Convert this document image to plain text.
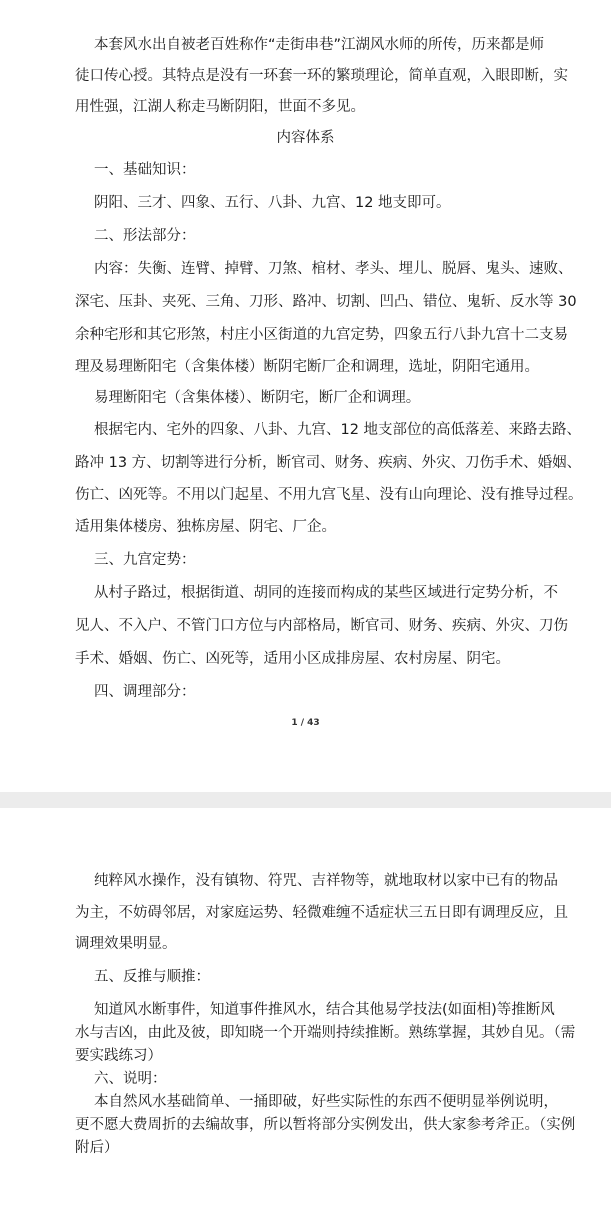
本套风水出自被老百姓称作“走街串巷”江湖风水师的所传，历来都是师

徒口传心授。其特点是没有一环套一环的繁琐理论，简单直观，入眼即断，实

用性强，江湖人称走马断阴阳，世面不多见。

内容体系

一、基础知识：

阴阳、三才、四象、五行、八卦、九宫、12 地支即可。

二、形法部分：

内容：失衡、连臂、掉臂、刀煞、棺材、孝头、埋儿、脱唇、鬼头、速败、

深宅、压卦、夹死、三角、刀形、路冲、切割、凹凸、错位、鬼斩、反水等 30

余种宅形和其它形煞，村庄小区街道的九宫定势，四象五行八卦九宫十二支易

理及易理断阳宅（含集体楼）断阴宅断厂企和调理，选址，阴阳宅通用。

易理断阳宅（含集体楼）、断阴宅，断厂企和调理。

根据宅内、宅外的四象、八卦、九宫、12 地支部位的高低落差、来路去路、

路冲 13 方、切割等进行分析，断官司、财务、疾病、外灾、刀伤手术、婚姻、

伤亡、凶死等。不用以门起星、不用九宫飞星、没有山向理论、没有推导过程。

适用集体楼房、独栋房屋、阴宅、厂企。

三、九宫定势：

从村子路过，根据街道、胡同的连接而构成的某些区域进行定势分析，不

见人、不入户、不管门口方位与内部格局，断官司、财务、疾病、外灾、刀伤

手术、婚姻、伤亡、凶死等，适用小区成排房屋、农村房屋、阴宅。

四、调理部分：

1 / 43

纯粹风水操作，没有镇物、符咒、吉祥物等，就地取材以家中已有的物品

为主，不妨碍邻居，对家庭运势、轻微难缠不适症状三五日即有调理反应，且

调理效果明显。

五、反推与顺推：

知道风水断事件，知道事件推风水，结合其他易学技法(如面相)等推断风

水与吉凶，由此及彼，即知晓一个开端则持续推断。熟练掌握，其妙自见。（需

要实践练习）

六、说明：

本自然风水基础简单、一捅即破，好些实际性的东西不便明显举例说明，

更不愿大费周折的去编故事，所以暂将部分实例发出，供大家参考斧正。（实例

附后）
